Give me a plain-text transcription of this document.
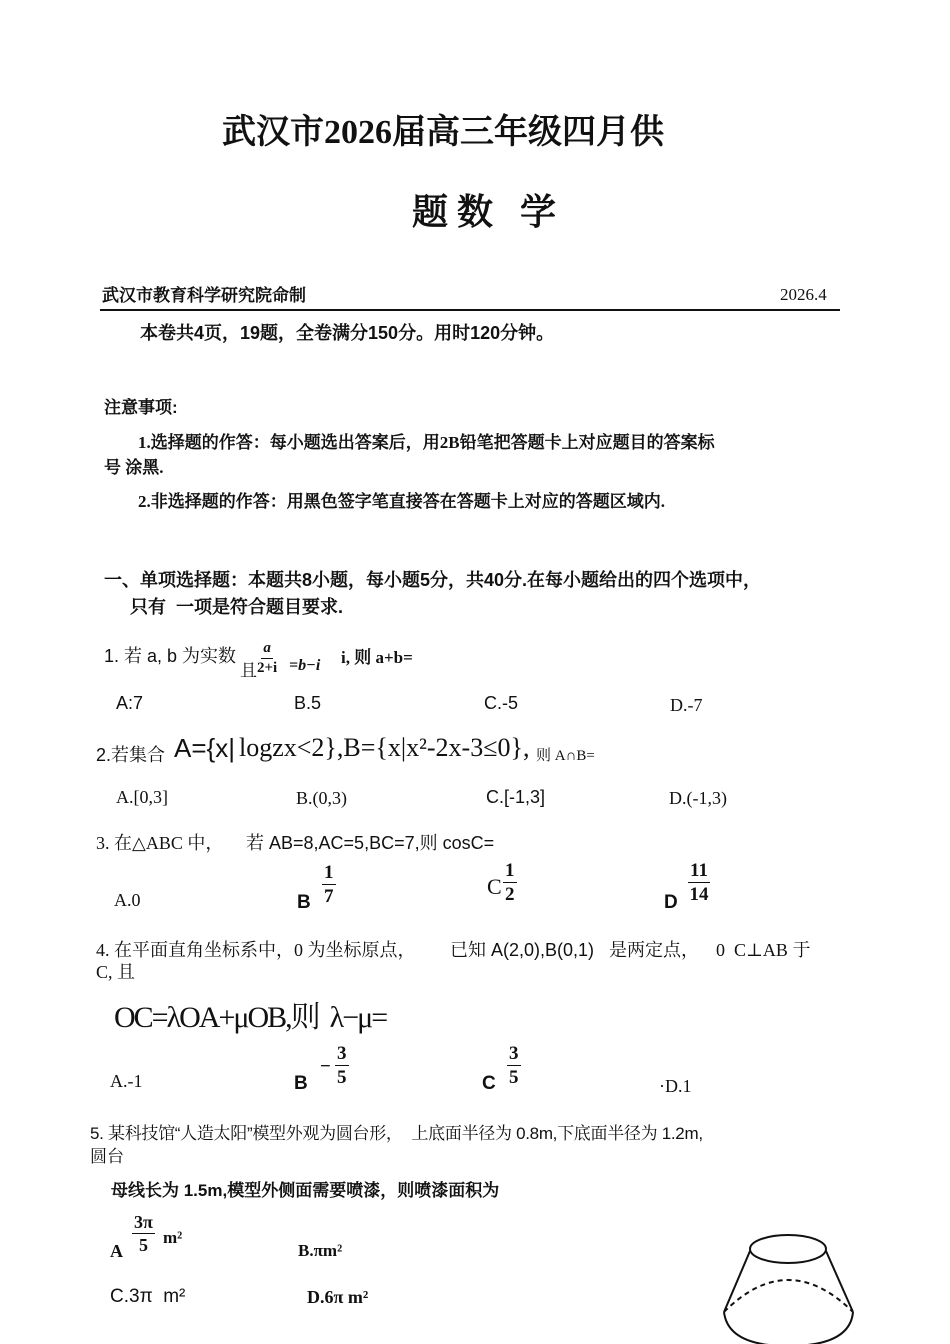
武汉市2026届高三年级四月供
题 数   学
武汉市教育科学研究院命制	2026.4
本卷共4页，19题，全卷满分150分。用时120分钟。
注意事项:
1.选择题的作答：每小题选出答案后，用2B铅笔把答题卡上对应题目的答案标
号 涂黑.
2.非选择题的作答：用黑色签字笔直接答在答题卡上对应的答题区域内.
一、单项选择题：本题共8小题，每小题5分，共40分.在每小题给出的四个选项中，
只有  一项是符合题目要求.
1. 若 a, b 为实数
且 $\frac{a}{2+i} =b-i$ i, 则 a+b=
A:7	B.5	C.-5	D.-7
2.若集合 A={x| logzx<2},B={x|x²-2x-3≤0}, 则 A∩B=
A.[0,3]	B.(0,3)	C.[-1,3]	D.(-1,3)
3. 在△ABC 中， 若 AB=8,AC=5,BC=7,则 cosC=
A.0	B $\frac{1}{7}$	C $\frac{1}{2}$	D $\frac{11}{14}$
4. 在平面直角坐标系中，0 为坐标原点， 已知 A(2,0),B(0,1)   是两定点， 0  C⊥AB 于
C, 且
OC=λOA+μOB,则  λ−μ=
A.-1	B
− $\frac{3}{5}$	C $\frac{3}{5}$	·D.1
5. 某科技馆“人造太阳”模型外观为圆台形，  上底面半径为 0.8m,下底面半径为 1.2m,
圆台
母线长为 1.5m,模型外侧面需要喷漆，则喷漆面积为
A $\frac{3\pi}{5} m^2$
B.πm²
C.3π  m²	D.6π m²
